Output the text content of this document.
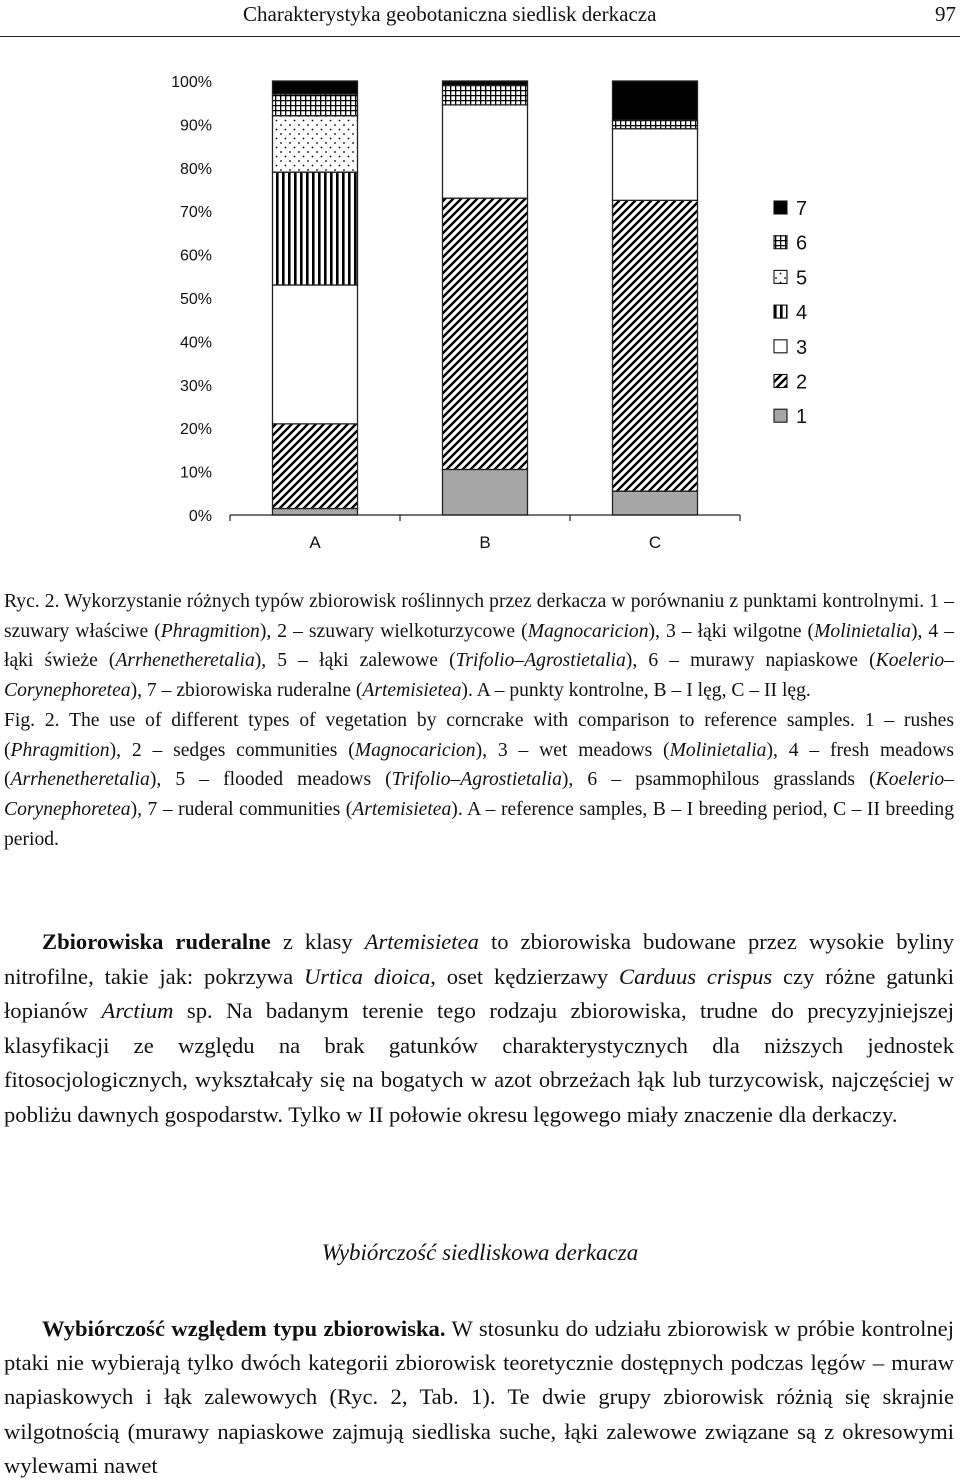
Charakterystyka geobotaniczna siedlisk derkacza	97
0%
10%
20%
30%
40%
50%
60%
70%
80%
90%
100%
A	B	C
7
6
5
4
3
2
1

Ryc. 2. Wykorzystanie różnych typów zbiorowisk roślinnych przez derkacza w porównaniu z punktami kontrolnymi. 1 – szuwary właściwe (Phragmition), 2 – szuwary wielkoturzycowe (Magnocaricion), 3 – łąki wilgotne (Molinietalia), 4 – łąki świeże (Arrhenetheretalia), 5 – łąki zalewowe (Trifolio–Agrostietalia), 6 – murawy napiaskowe (Koelerio–Corynephoretea), 7 – zbiorowiska ruderalne (Artemisietea). A – punkty kontrolne, B – I lęg, C – II lęg.

Fig. 2. The use of different types of vegetation by corncrake with comparison to reference samples. 1 – rushes (Phragmition), 2 – sedges communities (Magnocaricion), 3 – wet meadows (Molinietalia), 4 – fresh meadows (Arrhenetheretalia), 5 – flooded meadows (Trifolio–Agrostietalia), 6 – psammophilous grasslands (Koelerio–Corynephoretea), 7 – ruderal communities (Artemisietea). A – reference samples, B – I breeding period, C – II breeding period.

Zbiorowiska ruderalne z klasy Artemisietea to zbiorowiska budowane przez wysokie byliny nitrofilne, takie jak: pokrzywa Urtica dioica, oset kędzierzawy Carduus crispus czy różne gatunki łopianów Arctium sp. Na badanym terenie tego rodzaju zbiorowiska, trudne do precyzyjniejszej klasyfikacji ze względu na brak gatunków charakterystycznych dla niższych jednostek fitosocjologicznych, wykształcały się na bogatych w azot obrzeżach łąk lub turzycowisk, najczęściej w pobliżu dawnych gospodarstw. Tylko w II połowie okresu lęgowego miały znaczenie dla derkaczy.

Wybiórczość siedliskowa derkacza

Wybiórczość względem typu zbiorowiska. W stosunku do udziału zbiorowisk w próbie kontrolnej ptaki nie wybierają tylko dwóch kategorii zbiorowisk teoretycznie dostępnych podczas lęgów – muraw napiaskowych i łąk zalewowych (Ryc. 2, Tab. 1). Te dwie grupy zbiorowisk różnią się skrajnie wilgotnością (murawy napiaskowe zajmują siedliska suche, łąki zalewowe związane są z okresowymi wylewami nawet
